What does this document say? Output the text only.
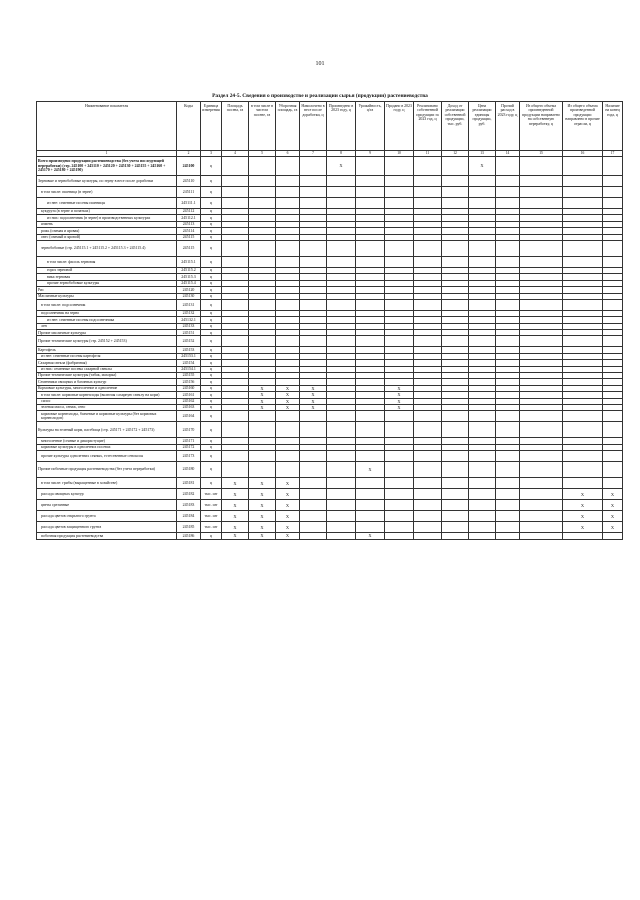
101
Раздел 24-5. Сведения о производстве и реализации сырья (продукции) растениеводства
Наименование показателя	Коды	Единица измерения	Площадь посева, га	в том числе в чистом посеве, га	Уборочная площадь, га	Намолочено в весе после доработки, ц	Произведено в 2023 году, ц	Урожайность, ц/га	Продано в 2023 году, ц	Реализовано собственной продукции за 2023 год, ц	Доход от реализации собственной продукции, тыс. руб.	Цена реализации единицы продукции, руб.	Прочий расход в 2023 году, ц	Из общего объема произведенной продукции направлено на собственную переработку, ц	Из общего объема произведенной продукции направлено в прочие отрасли, ц	Наличие на конец года, ц
1	2	3	4	5	6	7	8	9	10	11	12	13	14	15	16	17
Всего произведено продукции растениеводства (без учета последующей переработки) (стр. 245100 + 245110 + 245120 + 245130 + 245155 + 245160 + 245170 + 245180 + 245190)	245100	ц					Х					Х				
Зерновые и зернобобовые культуры, по зерну в весе после доработки	245110	ц														
в том числе: пшеница (в зерне)	245111	ц														
из нее: семенные посевы пшеницы	245111.1	ц														
кукуруза (в зерне и початках)	245112	ц														
из них: подсолнечник (в зерне) в производственных культурах	245112.1	ц														
ячмень	245113	ц														
рожь (озимая и яровая)	245114	ц														
овес (озимый и яровой)	245115	ц														
зернобобовые (стр. 245115.1 + 245115.2 + 245115.3 + 245115.4)	245115	ц														
в том числе: фасоль зерновая	245115.1	ц														
горох зерновой	245115.2	ц														
вика зерновая	245115.3	ц														
прочие зернобобовые культуры	245115.4	ц														
Рис	245120	ц														
Масличные культуры	245130	ц														
в том числе: подсолнечник	245131	ц														
подсолнечник на зерно	245132	ц														
из нее: семенные посевы подсолнечника	245132.1	ц														
лен	245133	ц														
Прочие масличные культуры	245151	ц														
Прочие технические культуры (стр. 245152 + 245153)	245152	ц														
Картофель	245153	ц														
из нее: семенные посевы картофеля	245153.1	ц														
Сахарная свекла (фабричная)	245154	ц														
из них: семенные посевы сахарной свеклы	245154.1	ц														
Прочие технические культуры (табак, махорка)	245155	ц														
Семенники овощных и бахчевых культур	245156	ц														
Кормовые культуры, многолетние и однолетние	245160	ц		Х	Х	Х			Х							
в том числе: кормовые корнеплоды (включая сахарную свеклу на корм)	245161	ц		Х	Х	Х			Х							
силос	245162	ц		Х	Х	Х			Х							
зеленая масса, сенаж, сено	245163	ц		Х	Х	Х			Х							
кормовые корнеплоды, бахчевые и кормовые культуры (без кормовых корнеплодов)	245164	ц														
Культуры на зеленый корм, пастбища (стр. 245171 + 245172 + 245173)	245170	ц														
многолетние (сеяные и дикорастущие)	245171	ц														
кормовые культуры в однолетних посевах	245172	ц														
прочие культуры однолетних сеяных, естественные сенокосы	245173	ц														
Прочие побочные продукция растениеводства (без учета переработки)	245180	ц						Х								
в том числе: грибы (выращенные в хозяйстве)	245181	ц	Х	Х	Х											
рассада овощных культур	245182	тыс. шт	Х	Х	Х										Х	Х
цветы срезанные	245183	тыс. шт	Х	Х	Х										Х	Х
рассада цветов открытого грунта	245184	тыс. шт	Х	Х	Х										Х	Х
рассада цветов защищенного грунта	245185	тыс. шт	Х	Х	Х										Х	Х
побочная продукция растениеводства	245186	ц	Х	Х	Х			Х								
